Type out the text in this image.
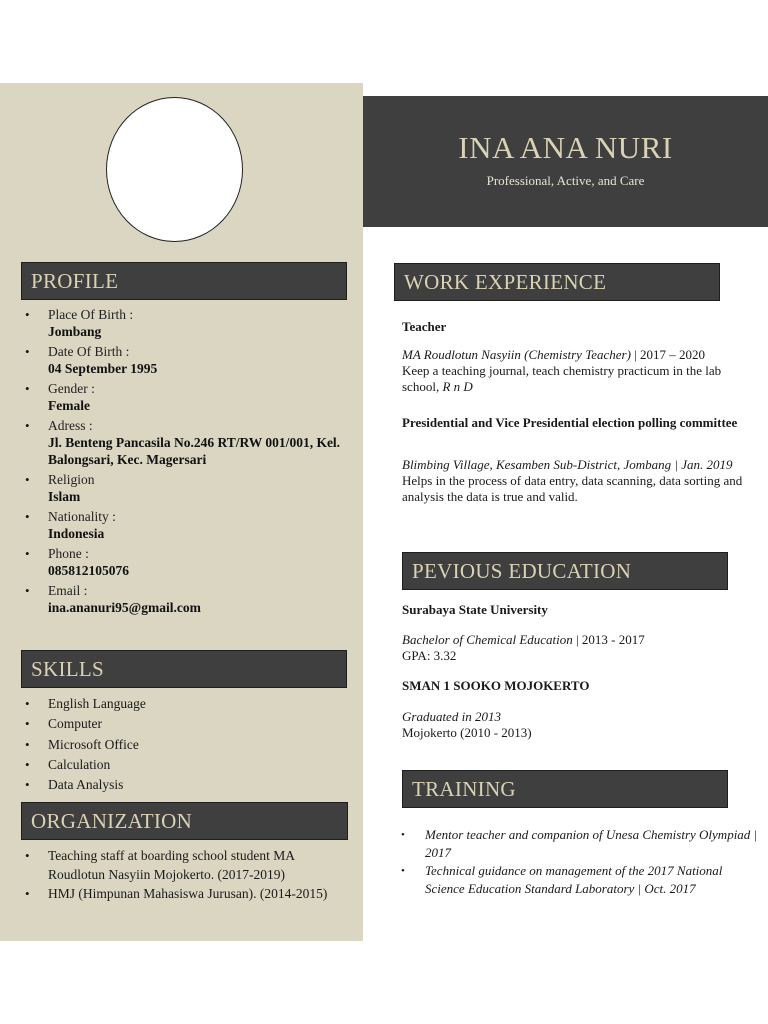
INA ANA NURI
Professional, Active, and Care
PROFILE
• Place Of Birth :
Jombang
• Date Of Birth :
04 September 1995
• Gender :
Female
• Adress :
Jl. Benteng Pancasila No.246 RT/RW 001/001, Kel. Balongsari, Kec. Magersari
• Religion
Islam
• Nationality :
Indonesia
• Phone :
085812105076
• Email :
ina.ananuri95@gmail.com
SKILLS
• English Language
• Computer
• Microsoft Office
• Calculation
• Data Analysis
ORGANIZATION
• Teaching staff at boarding school student MA Roudlotun Nasyiin Mojokerto. (2017-2019)
• HMJ (Himpunan Mahasiswa Jurusan). (2014-2015)
WORK EXPERIENCE
Teacher
MA Roudlotun Nasyiin (Chemistry Teacher) | 2017 – 2020
Keep a teaching journal, teach chemistry practicum in the lab school, R n D
Presidential and Vice Presidential election polling committee
Blimbing Village, Kesamben Sub-District, Jombang | Jan. 2019
Helps in the process of data entry, data scanning, data sorting and analysis the data is true and valid.
PEVIOUS EDUCATION
Surabaya State University
Bachelor of Chemical Education | 2013 - 2017
GPA: 3.32
SMAN 1 SOOKO MOJOKERTO
Graduated in 2013
Mojokerto (2010 - 2013)
TRAINING
• Mentor teacher and companion of Unesa Chemistry Olympiad | 2017
• Technical guidance on management of the 2017 National Science Education Standard Laboratory | Oct. 2017
